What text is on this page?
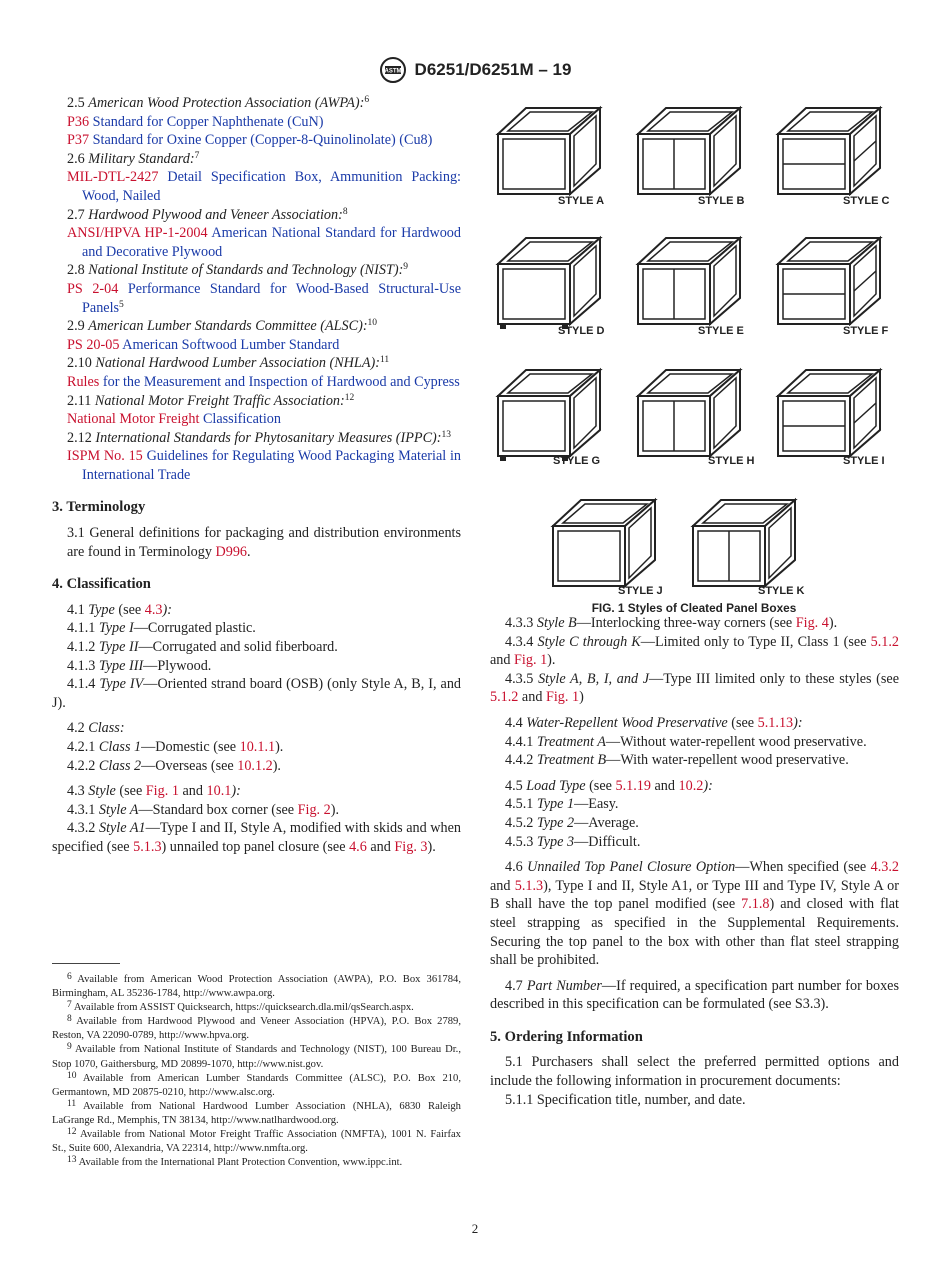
ASTM D6251/D6251M – 19

2.5 American Wood Protection Association (AWPA):$^6$

P36 Standard for Copper Naphthenate (CuN)

P37 Standard for Oxine Copper (Copper-8-Quinolinolate) (Cu8)

2.6 Military Standard:$^7$

MIL-DTL-2427 Detail Specification Box, Ammunition Packing: Wood, Nailed

2.7 Hardwood Plywood and Veneer Association:$^8$

ANSI/HPVA HP-1-2004 American National Standard for Hardwood and Decorative Plywood

2.8 National Institute of Standards and Technology (NIST):$^9$

PS 2-04 Performance Standard for Wood-Based Structural-Use Panels$^5$

2.9 American Lumber Standards Committee (ALSC):$^{10}$

PS 20-05 American Softwood Lumber Standard

2.10 National Hardwood Lumber Association (NHLA):$^{11}$

Rules for the Measurement and Inspection of Hardwood and Cypress

2.11 National Motor Freight Traffic Association:$^{12}$

National Motor Freight Classification

2.12 International Standards for Phytosanitary Measures (IPPC):$^{13}$

ISPM No. 15 Guidelines for Regulating Wood Packaging Material in International Trade

3. Terminology

3.1 General definitions for packaging and distribution environments are found in Terminology D996.

4. Classification

4.1 Type (see 4.3):

4.1.1 Type I—Corrugated plastic.

4.1.2 Type II—Corrugated and solid fiberboard.

4.1.3 Type III—Plywood.

4.1.4 Type IV—Oriented strand board (OSB) (only Style A, B, I, and J).

4.2 Class:

4.2.1 Class 1—Domestic (see 10.1.1).

4.2.2 Class 2—Overseas (see 10.1.2).

4.3 Style (see Fig. 1 and 10.1):

4.3.1 Style A—Standard box corner (see Fig. 2).

4.3.2 Style A1—Type I and II, Style A, modified with skids and when specified (see 5.1.3) unnailed top panel closure (see 4.6 and Fig. 3).

6 Available from American Wood Protection Association (AWPA), P.O. Box 361784, Birmingham, AL 35236-1784, http://www.awpa.org.

7 Available from ASSIST Quicksearch, https://quicksearch.dla.mil/qsSearch.aspx.

8 Available from Hardwood Plywood and Veneer Association (HPVA), P.O. Box 2789, Reston, VA 22090-0789, http://www.hpva.org.

9 Available from National Institute of Standards and Technology (NIST), 100 Bureau Dr., Stop 1070, Gaithersburg, MD 20899-1070, http://www.nist.gov.

10 Available from American Lumber Standards Committee (ALSC), P.O. Box 210, Germantown, MD 20875-0210, http://www.alsc.org.

11 Available from National Hardwood Lumber Association (NHLA), 6830 Raleigh LaGrange Rd., Memphis, TN 38134, http://www.natlhardwood.org.

12 Available from National Motor Freight Traffic Association (NMFTA), 1001 N. Fairfax St., Suite 600, Alexandria, VA 22314, http://www.nmfta.org.

13 Available from the International Plant Protection Convention, www.ippc.int.

STYLE A	STYLE B	STYLE C
STYLE D	STYLE E	STYLE F
STYLE G	STYLE H	STYLE I
STYLE J	STYLE K
FIG. 1 Styles of Cleated Panel Boxes

4.3.3 Style B—Interlocking three-way corners (see Fig. 4).

4.3.4 Style C through K—Limited only to Type II, Class 1 (see 5.1.2 and Fig. 1).

4.3.5 Style A, B, I, and J—Type III limited only to these styles (see 5.1.2 and Fig. 1)

4.4 Water-Repellent Wood Preservative (see 5.1.13):

4.4.1 Treatment A—Without water-repellent wood preservative.

4.4.2 Treatment B—With water-repellent wood preservative.

4.5 Load Type (see 5.1.19 and 10.2):

4.5.1 Type 1—Easy.

4.5.2 Type 2—Average.

4.5.3 Type 3—Difficult.

4.6 Unnailed Top Panel Closure Option—When specified (see 4.3.2 and 5.1.3), Type I and II, Style A1, or Type III and Type IV, Style A or B shall have the top panel modified (see 7.1.8) and closed with flat steel strapping as specified in the Supplemental Requirements. Securing the top panel to the box with other than flat steel strapping shall be prohibited.

4.7 Part Number—If required, a specification part number for boxes described in this specification can be formulated (see S3.3).

5. Ordering Information

5.1 Purchasers shall select the preferred permitted options and include the following information in procurement documents:

5.1.1 Specification title, number, and date.

2
